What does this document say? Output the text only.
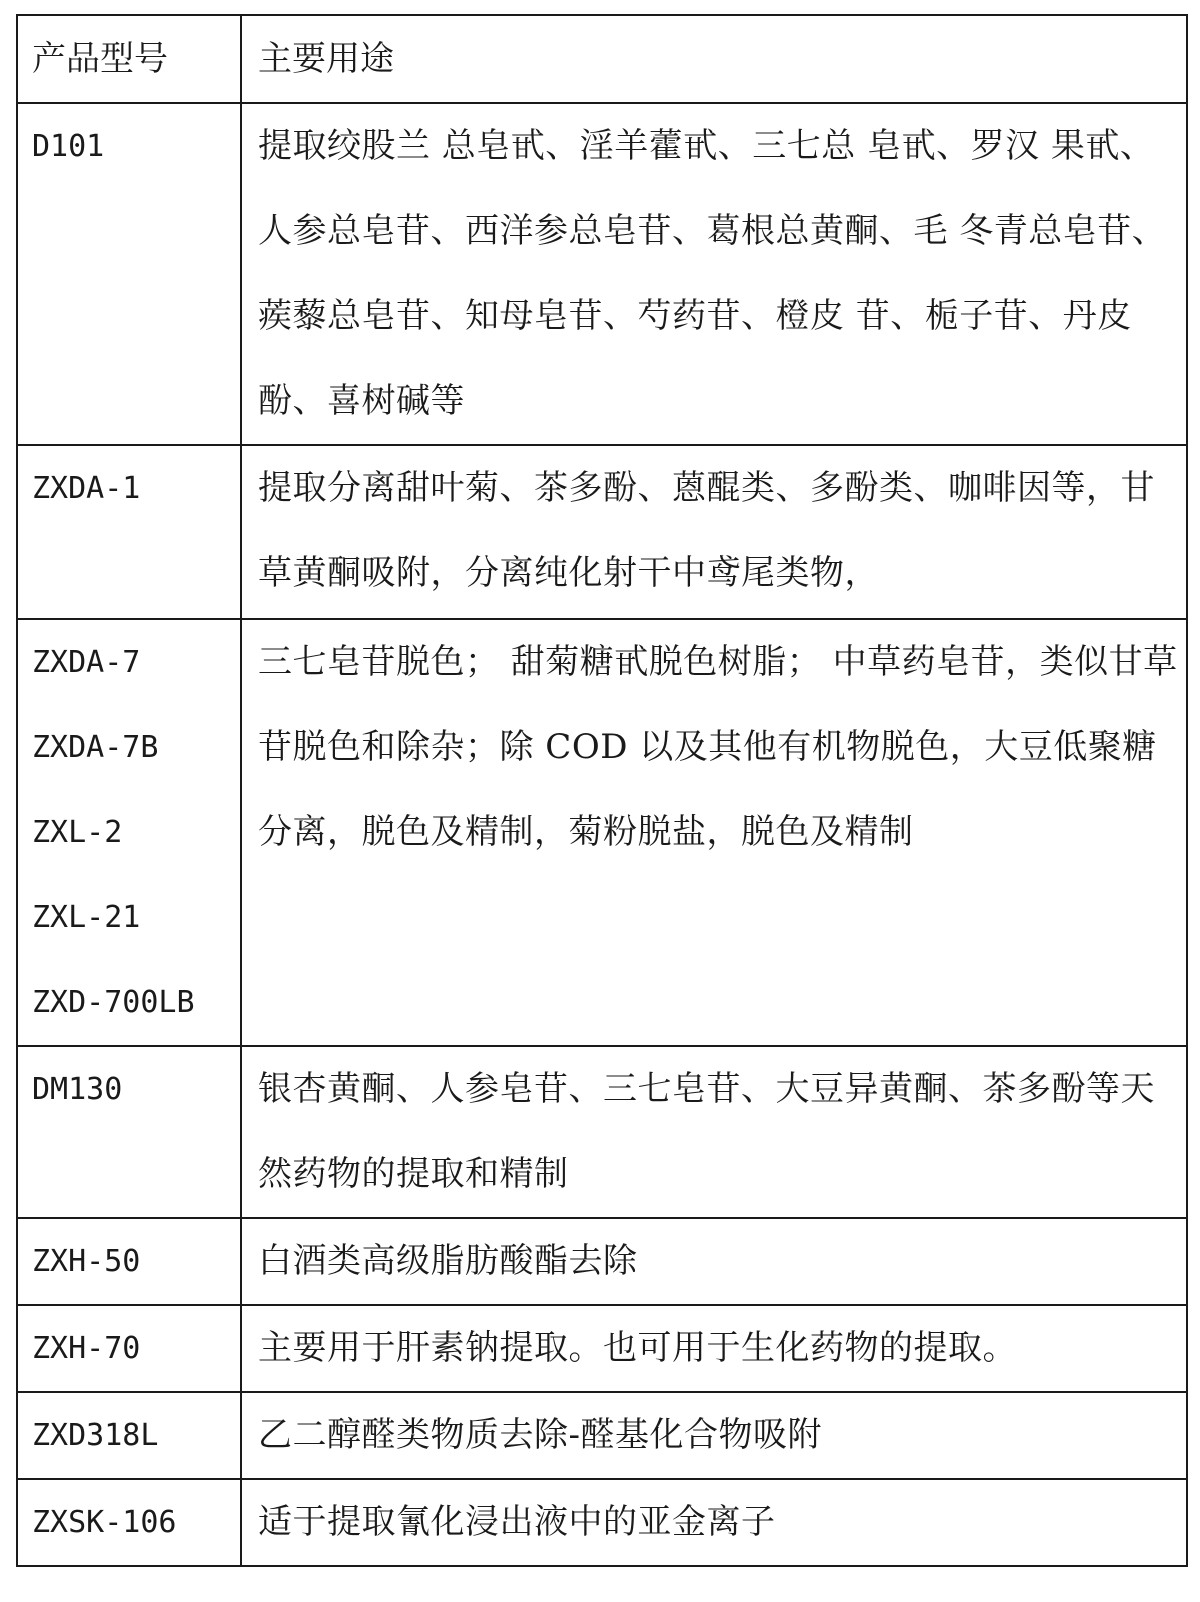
产品型号	主要用途

D101	提取绞股兰 总皂甙、淫羊藿甙、三七总 皂甙、罗汉 果甙、人参总皂苷、西洋参总皂苷、葛根总黄酮、毛 冬青总皂苷、蒺藜总皂苷、知母皂苷、芍药苷、橙皮 苷、栀子苷、丹皮酚、喜树碱等

ZXDA-1	提取分离甜叶菊、茶多酚、蒽醌类、多酚类、咖啡因等，甘草黄酮吸附，分离纯化射干中鸢尾类物，

ZXDA-7
ZXDA-7B
ZXL-2
ZXL-21
ZXD-700LB	三七皂苷脱色； 甜菊糖甙脱色树脂； 中草药皂苷，类似甘草苷脱色和除杂；除 COD 以及其他有机物脱色，大豆低聚糖分离，脱色及精制，菊粉脱盐，脱色及精制

DM130	银杏黄酮、人参皂苷、三七皂苷、大豆异黄酮、茶多酚等天然药物的提取和精制

ZXH-50	白酒类高级脂肪酸酯去除

ZXH-70	主要用于肝素钠提取。也可用于生化药物的提取。

ZXD318L	乙二醇醛类物质去除-醛基化合物吸附

ZXSK-106	适于提取氰化浸出液中的亚金离子
